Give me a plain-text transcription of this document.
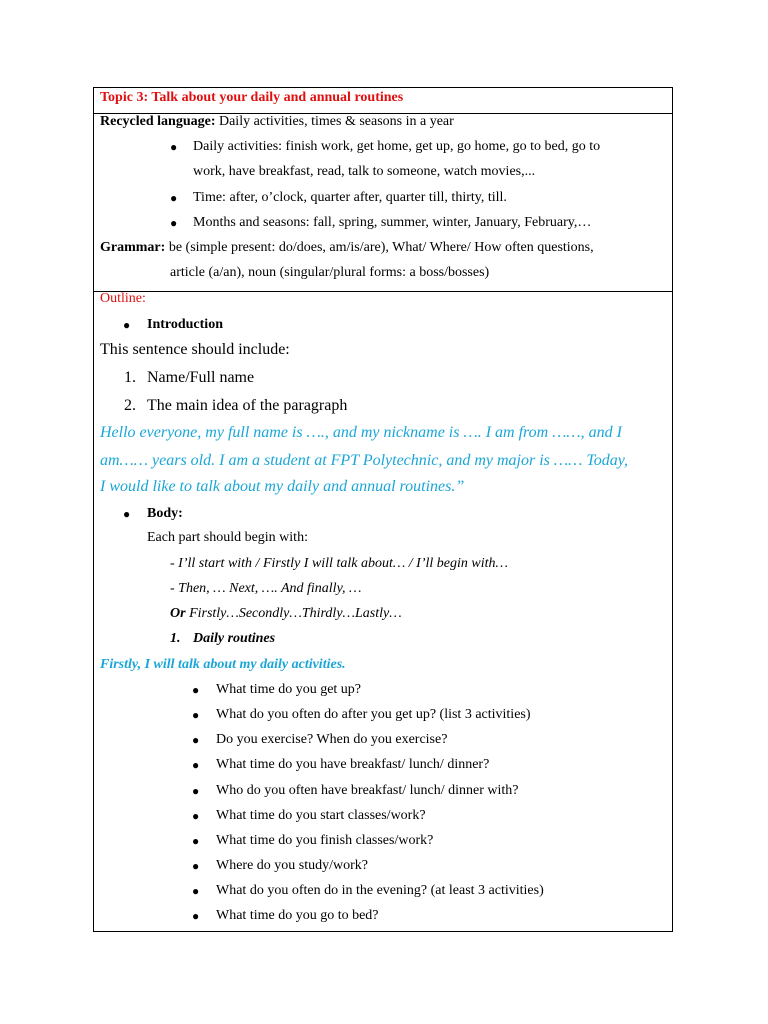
Topic 3: Talk about your daily and annual routines
Recycled language: Daily activities, times & seasons in a year
● Daily activities: finish work, get home, get up, go home, go to bed, go to
work, have breakfast, read, talk to someone, watch movies,...
● Time: after, o’clock, quarter after, quarter till, thirty, till.
● Months and seasons: fall, spring, summer, winter, January, February,…
Grammar: be (simple present: do/does, am/is/are), What/ Where/ How often questions,
article (a/an), noun (singular/plural forms: a boss/bosses)
Outline:
● Introduction
This sentence should include:
1. Name/Full name
2. The main idea of the paragraph
Hello everyone, my full name is …., and my nickname is …. I am from ……, and I
am…… years old. I am a student at FPT Polytechnic, and my major is …… Today,
I would like to talk about my daily and annual routines.”
● Body:
Each part should begin with:
- I’ll start with / Firstly I will talk about… / I’ll begin with…
- Then, … Next, …. And finally, …
Or Firstly…Secondly…Thirdly…Lastly…
1. Daily routines
Firstly, I will talk about my daily activities.
● What time do you get up?
● What do you often do after you get up? (list 3 activities)
● Do you exercise? When do you exercise?
● What time do you have breakfast/ lunch/ dinner?
● Who do you often have breakfast/ lunch/ dinner with?
● What time do you start classes/work?
● What time do you finish classes/work?
● Where do you study/work?
● What do you often do in the evening? (at least 3 activities)
● What time do you go to bed?
